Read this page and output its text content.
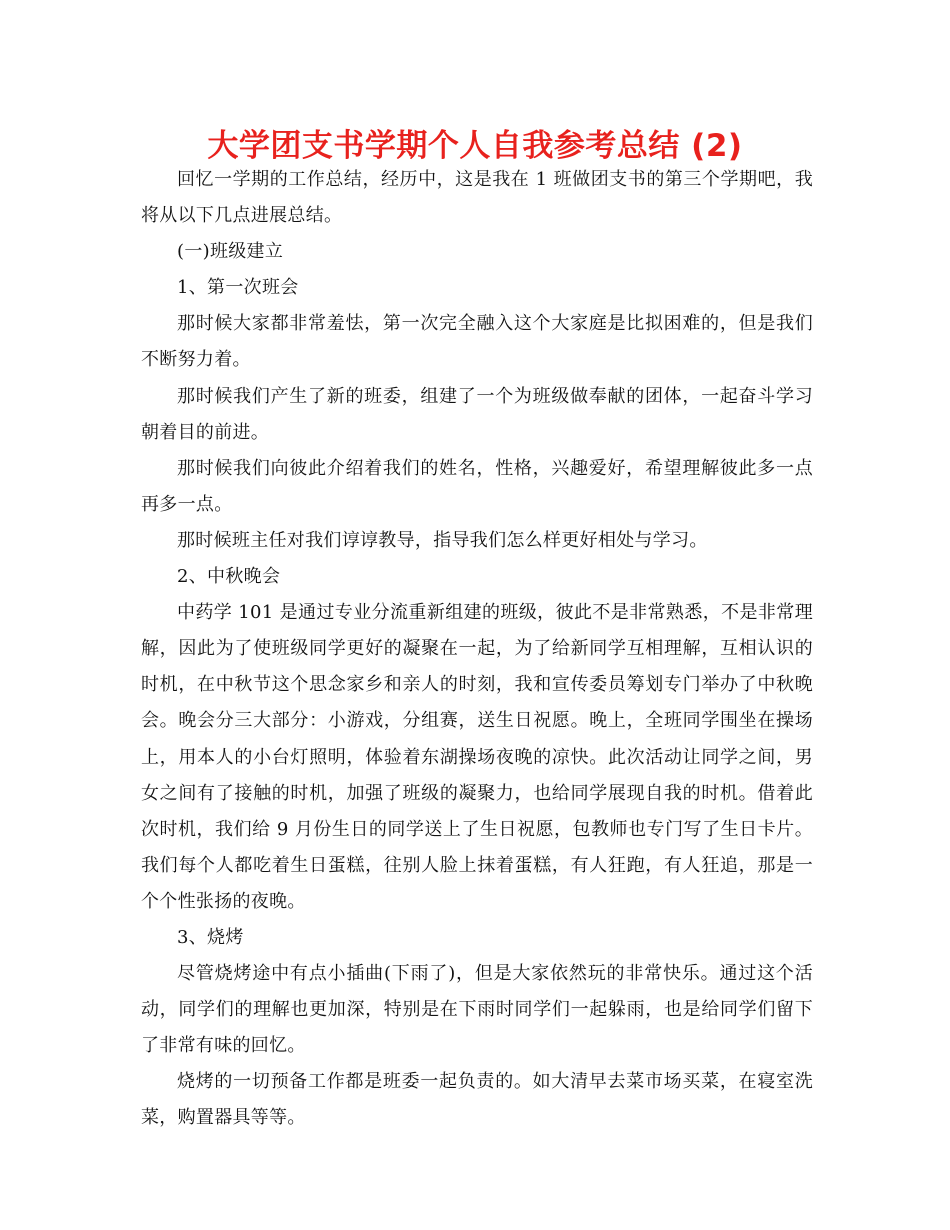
大学团支书学期个人自我参考总结 (2)

回忆一学期的工作总结，经历中，这是我在 1 班做团支书的第三个学期吧，我将从以下几点进展总结。

(一)班级建立

1、第一次班会

那时候大家都非常羞怯，第一次完全融入这个大家庭是比拟困难的，但是我们不断努力着。

那时候我们产生了新的班委，组建了一个为班级做奉献的团体，一起奋斗学习朝着目的前进。

那时候我们向彼此介绍着我们的姓名，性格，兴趣爱好，希望理解彼此多一点再多一点。

那时候班主任对我们谆谆教导，指导我们怎么样更好相处与学习。

2、中秋晚会

中药学 101 是通过专业分流重新组建的班级，彼此不是非常熟悉，不是非常理解，因此为了使班级同学更好的凝聚在一起，为了给新同学互相理解，互相认识的时机，在中秋节这个思念家乡和亲人的时刻，我和宣传委员筹划专门举办了中秋晚会。晚会分三大部分：小游戏，分组赛，送生日祝愿。晚上，全班同学围坐在操场上，用本人的小台灯照明，体验着东湖操场夜晚的凉快。此次活动让同学之间，男女之间有了接触的时机，加强了班级的凝聚力，也给同学展现自我的时机。借着此次时机，我们给 9 月份生日的同学送上了生日祝愿，包教师也专门写了生日卡片。我们每个人都吃着生日蛋糕，往别人脸上抹着蛋糕，有人狂跑，有人狂追，那是一个个性张扬的夜晚。

3、烧烤

尽管烧烤途中有点小插曲(下雨了)，但是大家依然玩的非常快乐。通过这个活动，同学们的理解也更加深，特别是在下雨时同学们一起躲雨，也是给同学们留下了非常有味的回忆。

烧烤的一切预备工作都是班委一起负责的。如大清早去菜市场买菜，在寝室洗菜，购置器具等等。
